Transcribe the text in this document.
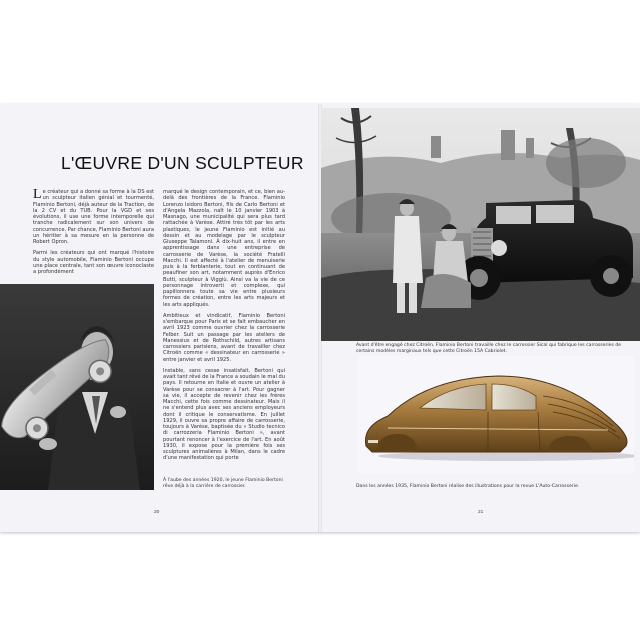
L'ŒUVRE D'UN SCULPTEUR

Le créateur qui a donné sa forme à la DS est un sculpteur italien génial et tourmenté, Flaminio Bertoni, déjà auteur de la Traction, de la 2 CV et du TUB. Pour la VGD et ses évolutions, il use une forme intemporelle qui tranche radicalement sur son univers de concurrence. Par chance, Flaminio Bertoni aura un héritier à sa mesure en la personne de Robert Opron.

Parmi les créateurs qui ont marqué l'histoire du style automobile, Flaminio Bertoni occupe une place centrale, tant son œuvre iconoclaste a profondément

marqué le design contemporain, et ce, bien au-delà des frontières de la France. Flaminio Lorenzo Isidoro Bertoni, fils de Carlo Bertoni et d'Angela Mazzola, naît le 10 janvier 1903 à Masnago, une municipalité qui sera plus tard rattachée à Varèse. Attiré très tôt par les arts plastiques, le jeune Flaminio est initié au dessin et au modelage par le sculpteur Giuseppe Talamoni. À dix-huit ans, il entre en apprentissage dans une entreprise de carrosserie de Varèse, la société Fratelli Macchi. Il est affecté à l'atelier de menuiserie puis à la ferblanterie, tout en continuant de peaufiner son art, notamment auprès d'Enrico Butti, sculpteur à Viggiù. Ainsi va la vie de ce personnage introverti et complexe, qui papillonnera toute sa vie entre plusieurs formes de création, entre les arts majeurs et les arts appliqués.

Ambitieux et vindicatif, Flaminio Bertoni s'embarque pour Paris et se fait embaucher en avril 1923 comme ouvrier chez la carrosserie Felber. Suit un passage par les ateliers de Manessius et de Rothschild, autres artisans carrossiers parisiens, avant de travailler chez Citroën comme « dessinateur en carrosserie » entre janvier et avril 1925.

Instable, sans cesse insatisfait, Bertoni qui avait tant rêvé de la France a soudain le mal du pays. Il retourne en Italie et ouvre un atelier à Varèse pour se consacrer à l'art. Pour gagner sa vie, il accepte de revenir chez les frères Macchi, cette fois comme dessinateur. Mais il ne s'entend plus avec ses anciens employeurs dont il critique le conservatisme. En juillet 1929, il ouvre sa propre affaire de carrosserie, toujours à Varèse, baptisée du « Studio tecnico di carrozzeria Flaminio Bertoni », avant pourtant renoncer à l'exercice de l'art. En août 1930, il expose pour la première fois ses sculptures animalières à Milan, dans le cadre d'une manifestation qui porte

À l'aube des années 1920, le jeune Flaminio Bertoni rêve déjà à la carrière de carrossier.
20
Avant d'être engagé chez Citroën, Flaminio Bertoni travaille chez le carrossier Sical qui fabrique les carrosseries de certains modèles marginaux tels que cette Citroën 15A Cabriolet.
Dans les années 1935, Flaminio Bertoni réalise des illustrations pour la revue L'Auto-Carrosserie.
21
